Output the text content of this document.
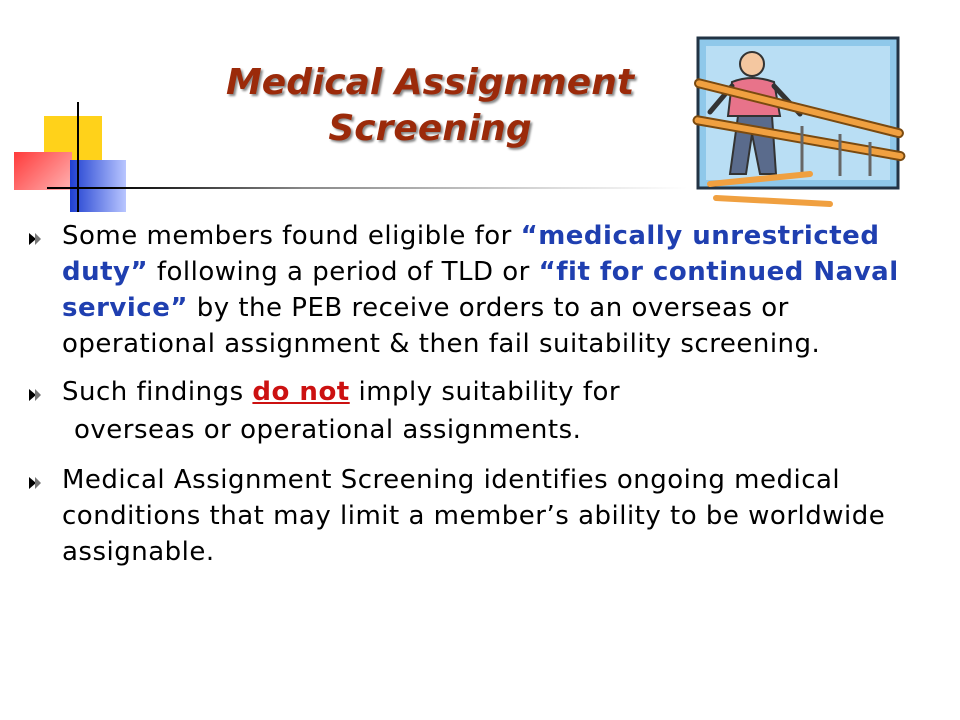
Medical Assignment
Screening
Some members found eligible for “medically unrestricted duty” following a period of TLD or “fit for continued Naval service” by the PEB receive orders to an overseas or operational assignment & then fail suitability screening.
Such findings do not imply suitability for
overseas or operational assignments.
Medical Assignment Screening identifies ongoing medical conditions that may limit a member’s ability to be worldwide assignable.
